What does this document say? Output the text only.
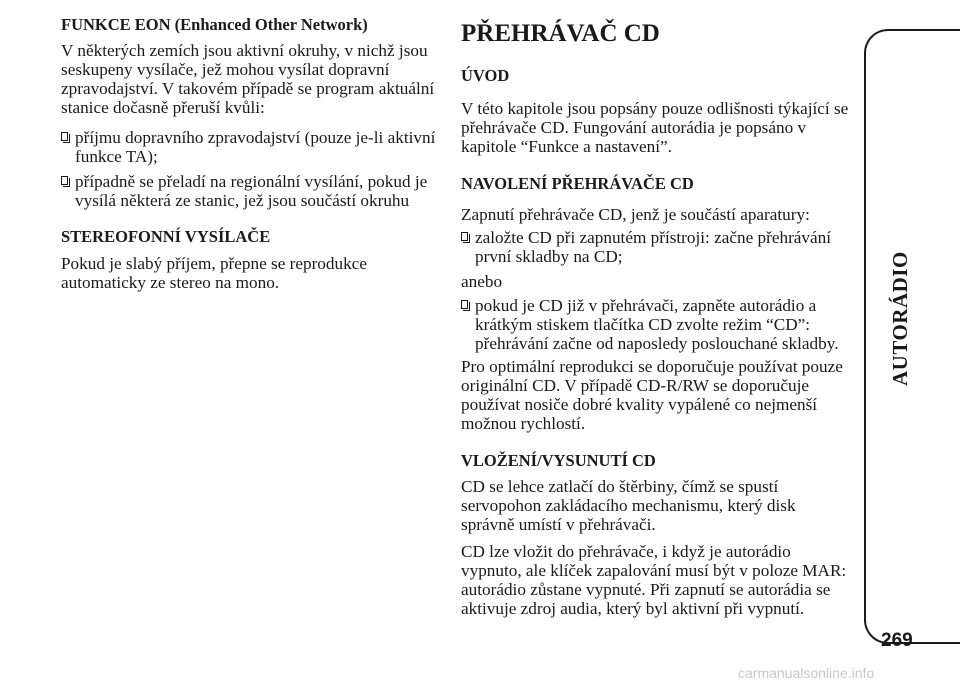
FUNKCE EON (Enhanced Other Network)

V některých zemích jsou aktivní okruhy, v nichž jsou seskupeny vysílače, jež mohou vysílat dopravní zpravodajství. V takovém případě se program aktuální stanice dočasně přeruší kvůli:

příjmu dopravního zpravodajství (pouze je-li aktivní funkce TA);
případně se přeladí na regionální vysílání, pokud je vysílá některá ze stanic, jež jsou součástí okruhu
STEREOFONNÍ VYSÍLAČE

Pokud je slabý příjem, přepne se reprodukce automaticky ze stereo na mono.

PŘEHRÁVAČ CD
ÚVOD

V této kapitole jsou popsány pouze odlišnosti týkající se přehrávače CD. Fungování autorádia je popsáno v kapitole “Funkce a nastavení”.

NAVOLENÍ PŘEHRÁVAČE CD

Zapnutí přehrávače CD, jenž je součástí aparatury:

založte CD při zapnutém přístroji: začne přehrávání první skladby na CD;

anebo

pokud je CD již v přehrávači, zapněte autorádio a krátkým stiskem tlačítka CD zvolte režim “CD”: přehrávání začne od naposledy poslouchané skladby.

Pro optimální reprodukci se doporučuje používat pouze originální CD. V případě CD-R/RW se doporučuje používat nosiče dobré kvality vypálené co nejmenší možnou rychlostí.

VLOŽENÍ/VYSUNUTÍ CD

CD se lehce zatlačí do štěrbiny, čímž se spustí servopohon zakládacího mechanismu, který disk správně umístí v přehrávači.

CD lze vložit do přehrávače, i když je autorádio vypnuto, ale klíček zapalování musí být v poloze MAR: autorádio zůstane vypnuté. Při zapnutí se autorádia se aktivuje zdroj audia, který byl aktivní při vypnutí.

AUTORÁDIO
269
carmanualsonline.info
